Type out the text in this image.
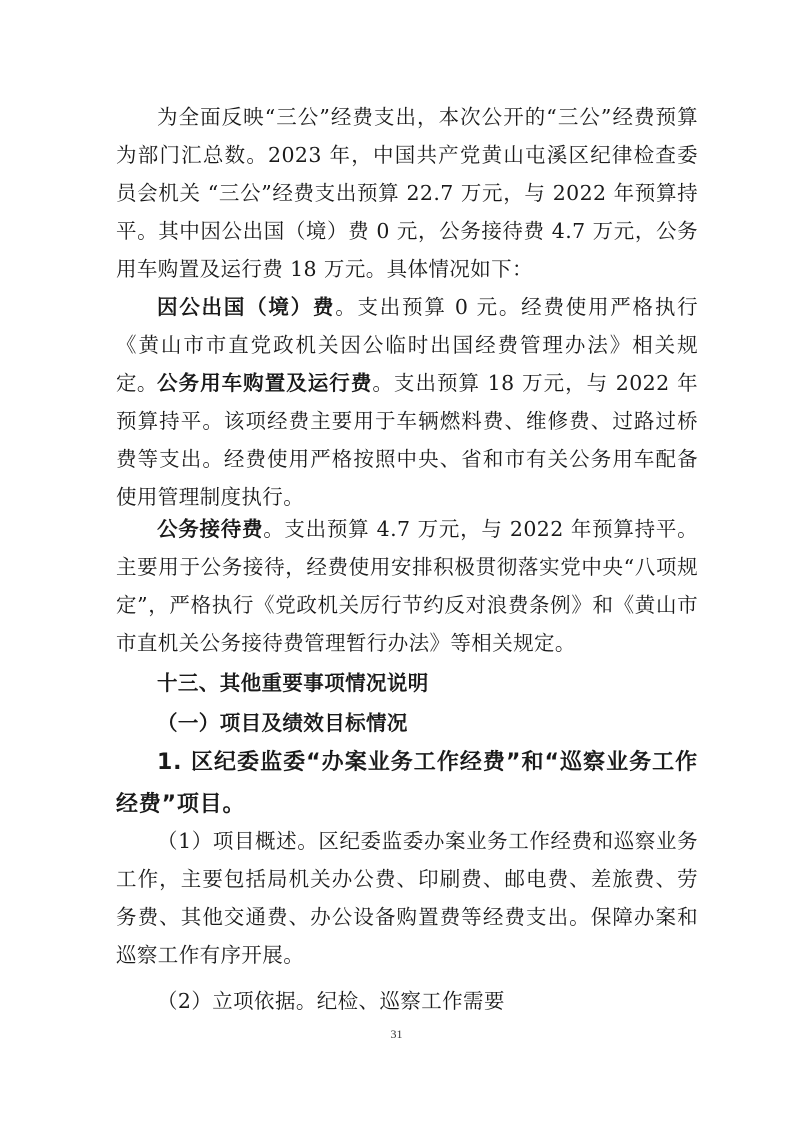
为全面反映“三公”经费支出，本次公开的“三公”经费预算为部门汇总数。2023 年，中国共产党黄山屯溪区纪律检查委员会机关 “三公”经费支出预算 22.7 万元，与 2022 年预算持平。其中因公出国（境）费 0 元，公务接待费 4.7 万元，公务用车购置及运行费 18 万元。具体情况如下：

因公出国（境）费。支出预算 0 元。经费使用严格执行《黄山市市直党政机关因公临时出国经费管理办法》相关规定。 公务用车购置及运行费。支出预算 18 万元，与 2022 年预算持平。该项经费主要用于车辆燃料费、维修费、过路过桥费等支出。经费使用严格按照中央、省和市有关公务用车配备使用管理制度执行。

公务接待费。支出预算 4.7 万元，与 2022 年预算持平。主要用于公务接待，经费使用安排积极贯彻落实党中央“八项规定”，严格执行《党政机关厉行节约反对浪费条例》和《黄山市市直机关公务接待费管理暂行办法》等相关规定。

十三、其他重要事项情况说明
（一）项目及绩效目标情况
1. 区纪委监委“办案业务工作经费”和“巡察业务工作经费”项目。

（1）项目概述。区纪委监委办案业务工作经费和巡察业务工作，主要包括局机关办公费、印刷费、邮电费、差旅费、劳务费、其他交通费、办公设备购置费等经费支出。保障办案和巡察工作有序开展。

（2）立项依据。纪检、巡察工作需要

31
